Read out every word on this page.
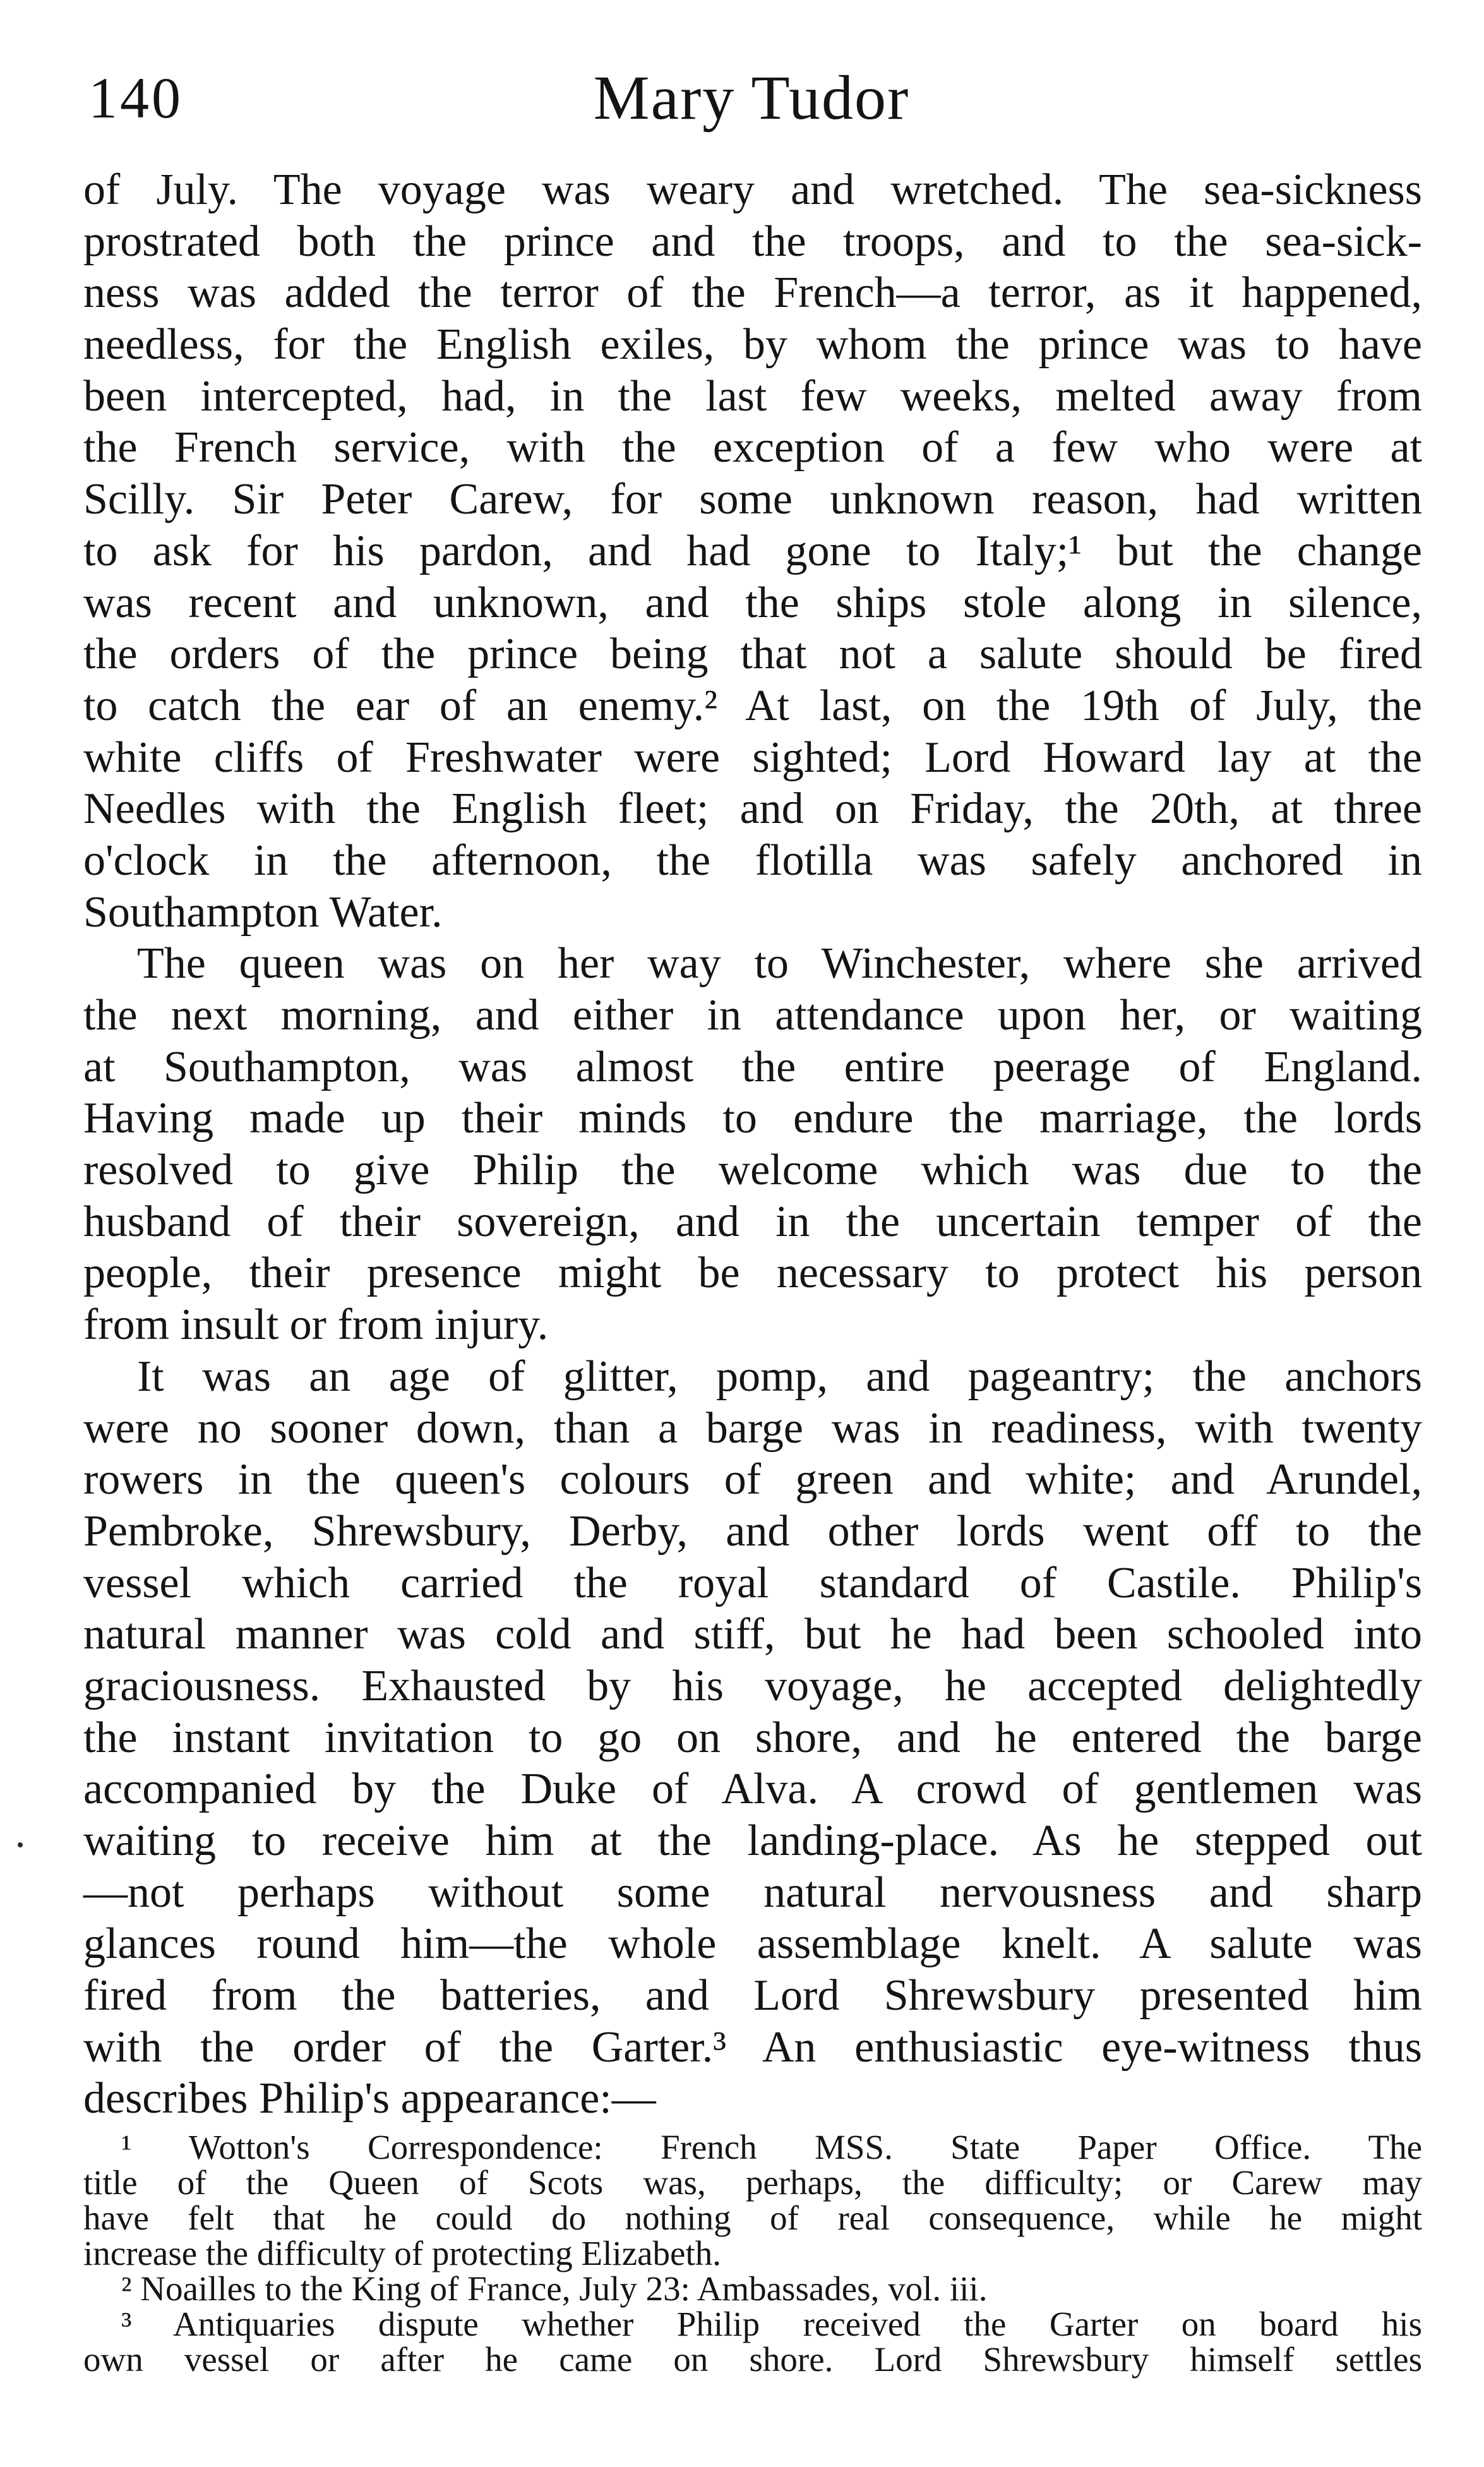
140	Mary Tudor
of July. The voyage was weary and wretched. The sea-sickness
prostrated both the prince and the troops, and to the sea-sick-
ness was added the terror of the French—a terror, as it happened,
needless, for the English exiles, by whom the prince was to have
been intercepted, had, in the last few weeks, melted away from
the French service, with the exception of a few who were at
Scilly. Sir Peter Carew, for some unknown reason, had written
to ask for his pardon, and had gone to Italy;¹ but the change
was recent and unknown, and the ships stole along in silence,
the orders of the prince being that not a salute should be fired
to catch the ear of an enemy.² At last, on the 19th of July, the
white cliffs of Freshwater were sighted; Lord Howard lay at the
Needles with the English fleet; and on Friday, the 20th, at three
o'clock in the afternoon, the flotilla was safely anchored in
Southampton Water.
The queen was on her way to Winchester, where she arrived
the next morning, and either in attendance upon her, or waiting
at Southampton, was almost the entire peerage of England.
Having made up their minds to endure the marriage, the lords
resolved to give Philip the welcome which was due to the
husband of their sovereign, and in the uncertain temper of the
people, their presence might be necessary to protect his person
from insult or from injury.
It was an age of glitter, pomp, and pageantry; the anchors
were no sooner down, than a barge was in readiness, with twenty
rowers in the queen's colours of green and white; and Arundel,
Pembroke, Shrewsbury, Derby, and other lords went off to the
vessel which carried the royal standard of Castile. Philip's
natural manner was cold and stiff, but he had been schooled into
graciousness. Exhausted by his voyage, he accepted delightedly
the instant invitation to go on shore, and he entered the barge
accompanied by the Duke of Alva. A crowd of gentlemen was
waiting to receive him at the landing-place. As he stepped out
—not perhaps without some natural nervousness and sharp
glances round him—the whole assemblage knelt. A salute was
fired from the batteries, and Lord Shrewsbury presented him
with the order of the Garter.³ An enthusiastic eye-witness thus
describes Philip's appearance:—
¹ Wotton's Correspondence: French MSS. State Paper Office. The
title of the Queen of Scots was, perhaps, the difficulty; or Carew may
have felt that he could do nothing of real consequence, while he might
increase the difficulty of protecting Elizabeth.
² Noailles to the King of France, July 23: Ambassades, vol. iii.
³ Antiquaries dispute whether Philip received the Garter on board his
own vessel or after he came on shore. Lord Shrewsbury himself settles
